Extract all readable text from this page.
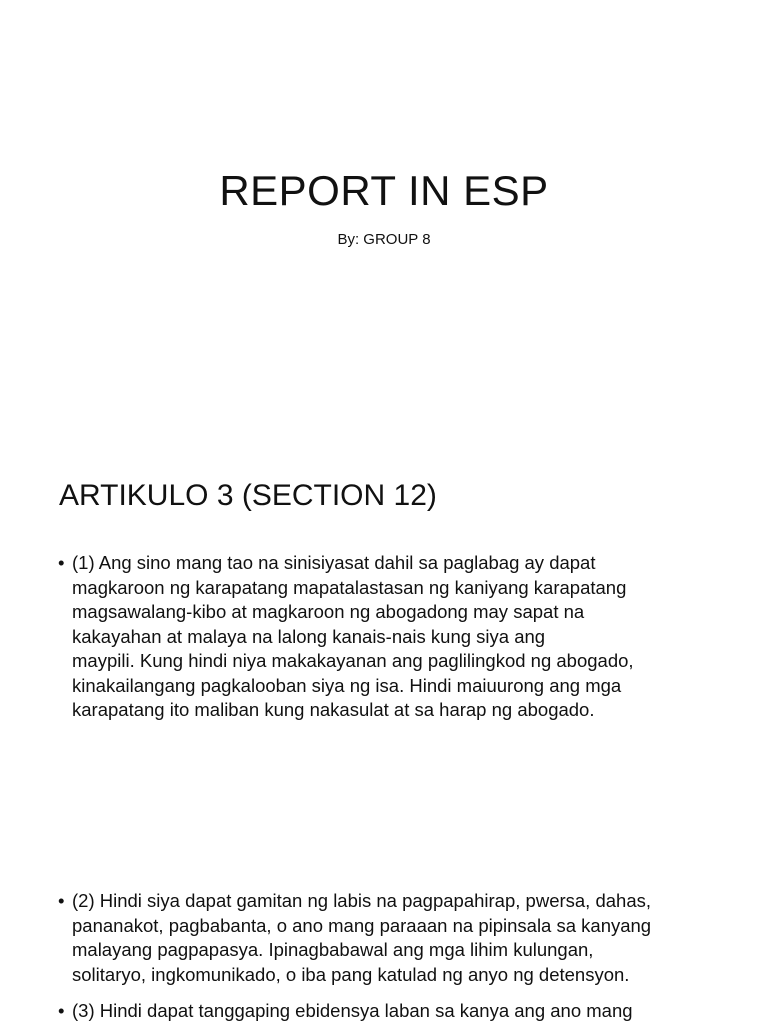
REPORT IN ESP
By: GROUP 8
ARTIKULO 3 (SECTION 12)
• (1) Ang sino mang tao na sinisiyasat dahil sa paglabag ay dapat
magkaroon ng karapatang mapatalastasan ng kaniyang karapatang
magsawalang-kibo at magkaroon ng abogadong may sapat na
kakayahan at malaya na lalong kanais-nais kung siya ang
maypili. Kung hindi niya makakayanan ang paglilingkod ng abogado,
kinakailangang pagkalooban siya ng isa. Hindi maiuurong ang mga
karapatang ito maliban kung nakasulat at sa harap ng abogado.
• (2) Hindi siya dapat gamitan ng labis na pagpapahirap, pwersa, dahas,
pananakot, pagbabanta, o ano mang paraaan na pipinsala sa kanyang
malayang pagpapasya. Ipinagbabawal ang mga lihim kulungan,
solitaryo, ingkomunikado, o iba pang katulad ng anyo ng detensyon.
• (3) Hindi dapat tanggaping ebidensya laban sa kanya ang ano mang
